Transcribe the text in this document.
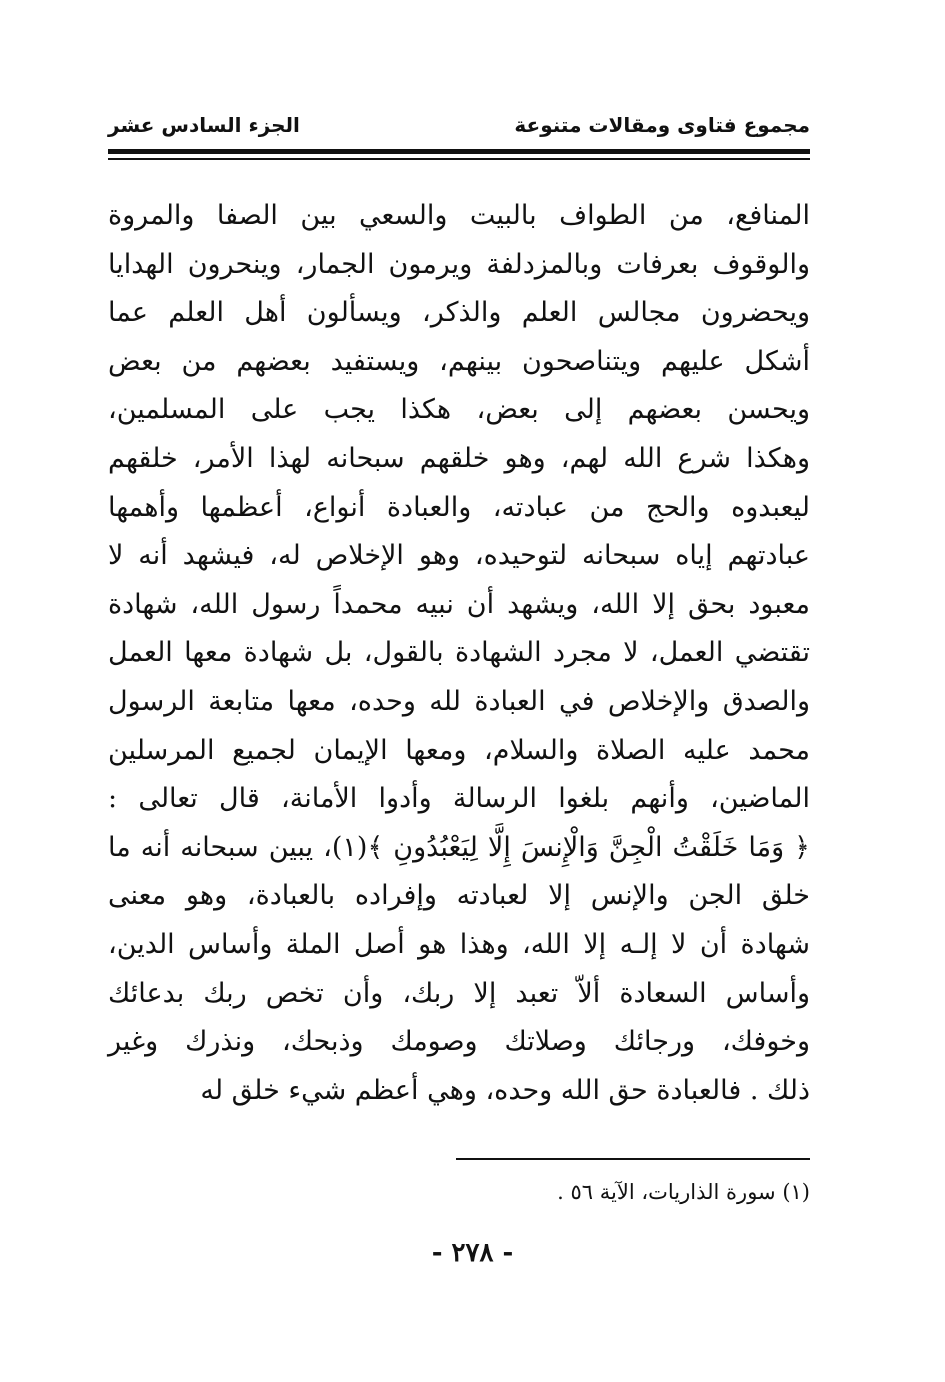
مجموع فتاوى ومقالات متنوعة
الجزء السادس عشر
المنافع، من الطواف بالبيت والسعي بين الصفا والمروة
والوقوف بعرفات وبالمزدلفة ويرمون الجمار، وينحرون الهدايا
ويحضرون مجالس العلم والذكر، ويسألون أهل العلم عما
أشكل عليهم ويتناصحون بينهم، ويستفيد بعضهم من بعض
ويحسن بعضهم إلى بعض، هكذا يجب على المسلمين،
وهكذا شرع الله لهم، وهو خلقهم سبحانه لهذا الأمر، خلقهم
ليعبدوه والحج من عبادته، والعبادة أنواع، أعظمها وأهمها
عبادتهم إياه سبحانه لتوحيده، وهو الإخلاص له، فيشهد أنه لا
معبود بحق إلا الله، ويشهد أن نبيه محمداً رسول الله، شهادة
تقتضي العمل، لا مجرد الشهادة بالقول، بل شهادة معها العمل
والصدق والإخلاص في العبادة لله وحده، معها متابعة الرسول
محمد عليه الصلاة والسلام، ومعها الإيمان لجميع المرسلين
الماضين، وأنهم بلغوا الرسالة وأدوا الأمانة، قال تعالى :
﴿ وَمَا خَلَقْتُ الْجِنَّ وَالْإِنسَ إِلَّا لِيَعْبُدُونِ ﴾(١)، يبين سبحانه أنه ما
خلق الجن والإنس إلا لعبادته وإفراده بالعبادة، وهو معنى
شهادة أن لا إلـه إلا الله، وهذا هو أصل الملة وأساس الدين،
وأساس السعادة ألاّ تعبد إلا ربك، وأن تخص ربك بدعائك
وخوفك، ورجائك وصلاتك وصومك وذبحك، ونذرك وغير
ذلك . فالعبادة حق الله وحده، وهي أعظم شيء خلق له
(١) سورة الذاريات، الآية ٥٦ .
- ٢٧٨ -
